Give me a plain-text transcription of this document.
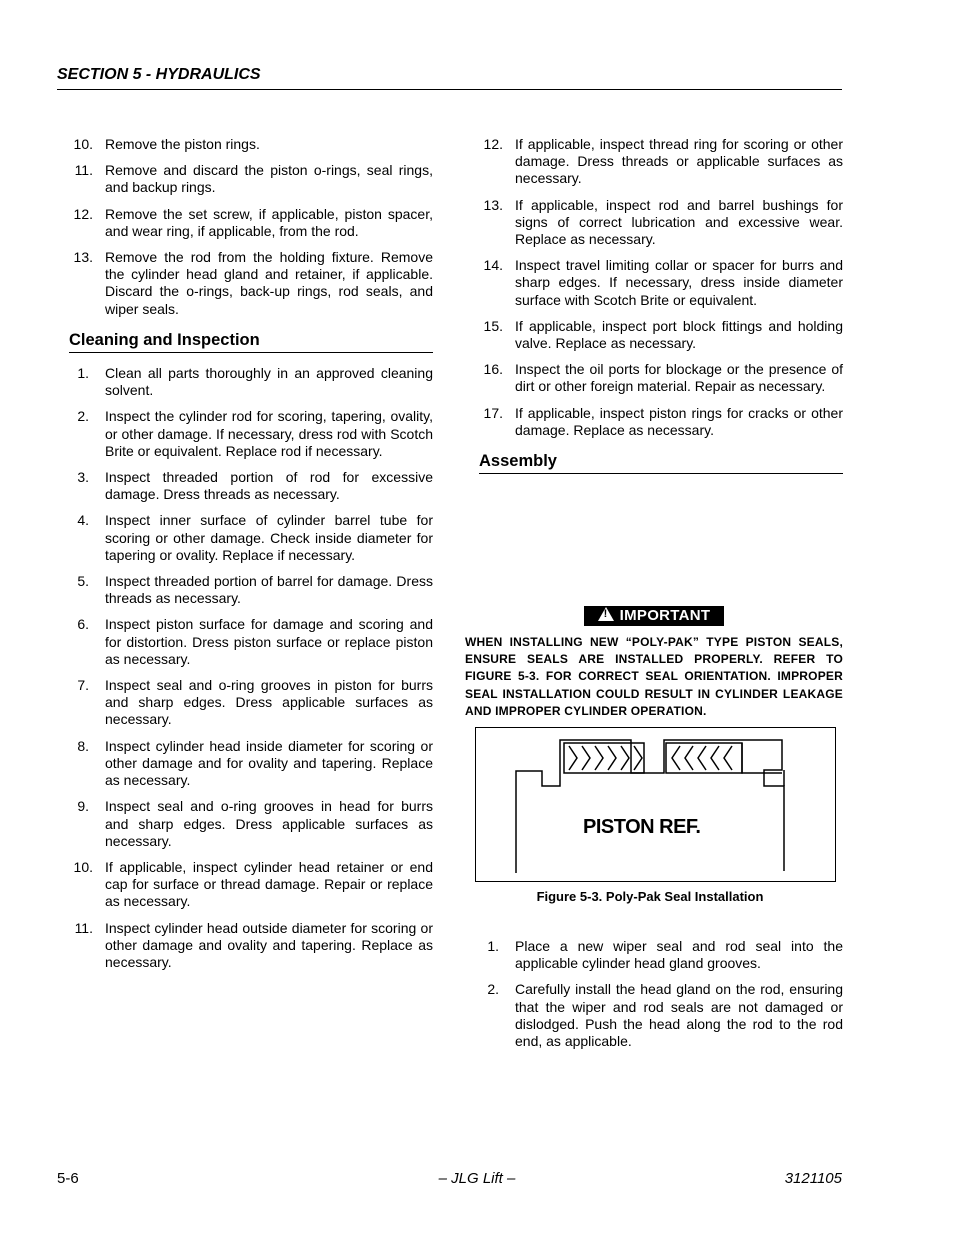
SECTION 5 - HYDRAULICS
10. Remove the piston rings.
11. Remove and discard the piston o-rings, seal rings, and backup rings.
12. Remove the set screw, if applicable, piston spacer, and wear ring, if applicable, from the rod.
13. Remove the rod from the holding fixture. Remove the cylinder head gland and retainer, if applicable. Discard the o-rings, back-up rings, rod seals, and wiper seals.
Cleaning and Inspection
1. Clean all parts thoroughly in an approved cleaning solvent.
2. Inspect the cylinder rod for scoring, tapering, ovality, or other damage. If necessary, dress rod with Scotch Brite or equivalent. Replace rod if necessary.
3. Inspect threaded portion of rod for excessive damage. Dress threads as necessary.
4. Inspect inner surface of cylinder barrel tube for scoring or other damage. Check inside diameter for tapering or ovality. Replace if necessary.
5. Inspect threaded portion of barrel for damage. Dress threads as necessary.
6. Inspect piston surface for damage and scoring and for distortion. Dress piston surface or replace piston as necessary.
7. Inspect seal and o-ring grooves in piston for burrs and sharp edges. Dress applicable surfaces as necessary.
8. Inspect cylinder head inside diameter for scoring or other damage and for ovality and tapering. Replace as necessary.
9. Inspect seal and o-ring grooves in head for burrs and sharp edges. Dress applicable surfaces as necessary.
10. If applicable, inspect cylinder head retainer or end cap for surface or thread damage. Repair or replace as necessary.
11. Inspect cylinder head outside diameter for scoring or other damage and ovality and tapering. Replace as necessary.
12. If applicable, inspect thread ring for scoring or other damage. Dress threads or applicable surfaces as necessary.
13. If applicable, inspect rod and barrel bushings for signs of correct lubrication and excessive wear. Replace as necessary.
14. Inspect travel limiting collar or spacer for burrs and sharp edges. If necessary, dress inside diameter surface with Scotch Brite or equivalent.
15. If applicable, inspect port block fittings and holding valve. Replace as necessary.
16. Inspect the oil ports for blockage or the presence of dirt or other foreign material. Repair as necessary.
17. If applicable, inspect piston rings for cracks or other damage. Replace as necessary.
Assembly
! IMPORTANT
WHEN INSTALLING NEW “POLY-PAK” TYPE PISTON SEALS, ENSURE SEALS ARE INSTALLED PROPERLY. REFER TO FIGURE 5-3. FOR CORRECT SEAL ORIENTATION. IMPROPER SEAL INSTALLATION COULD RESULT IN CYLINDER LEAKAGE AND IMPROPER CYLINDER OPERATION.
PISTON REF.
Figure 5-3. Poly-Pak Seal Installation
1. Place a new wiper seal and rod seal into the applicable cylinder head gland grooves.
2. Carefully install the head gland on the rod, ensuring that the wiper and rod seals are not damaged or dislodged. Push the head along the rod to the rod end, as applicable.
– JLG Lift –
5-6	3121105
